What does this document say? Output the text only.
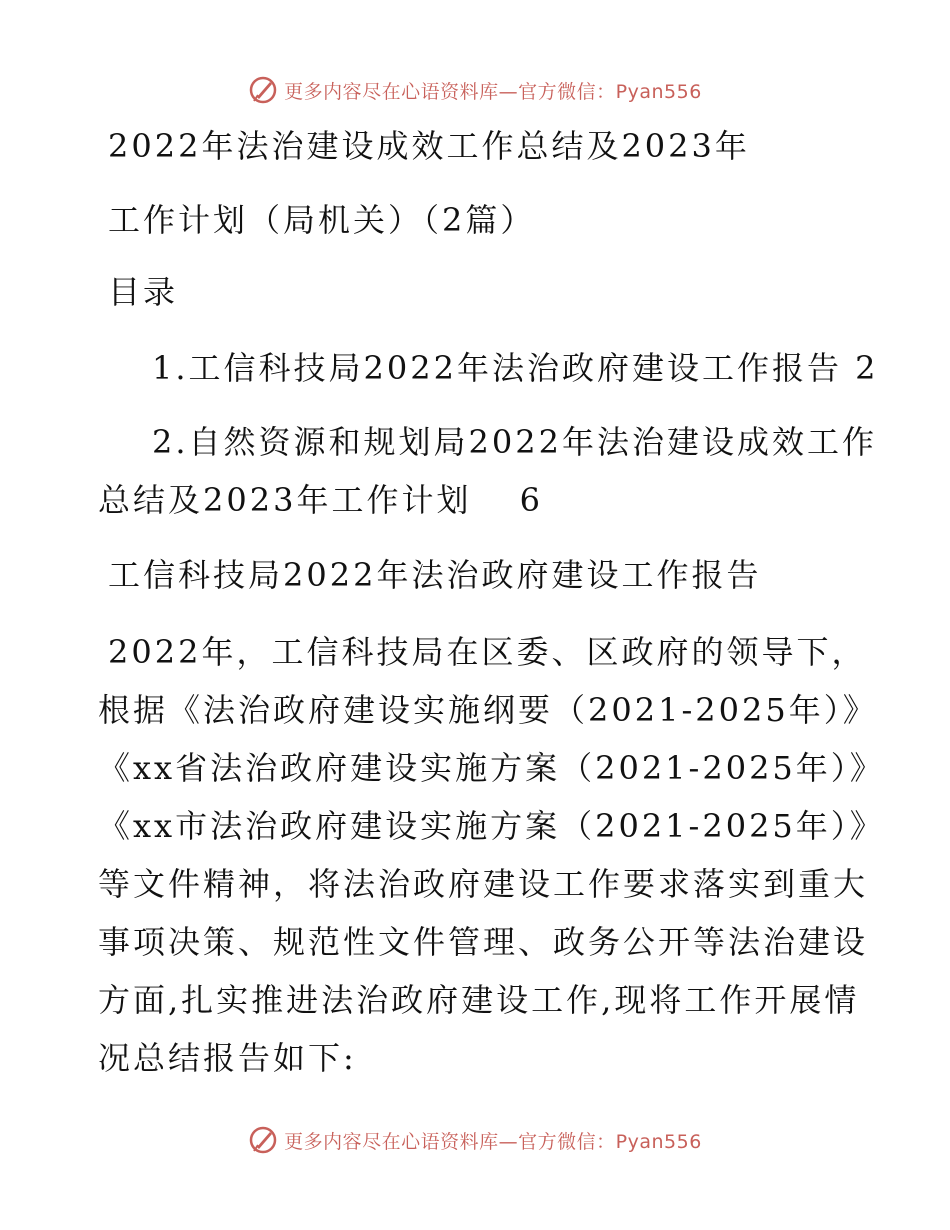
更多内容尽在心语资料库—官方微信：Pyan556
2022年法治建设成效工作总结及2023年
工作计划（局机关）（2篇）
目录
1.工信科技局2022年法治政府建设工作报告 2
2.自然资源和规划局2022年法治建设成效工作
总结及2023年工作计划　 6
工信科技局2022年法治政府建设工作报告
2022年，工信科技局在区委、区政府的领导下，
根据《法治政府建设实施纲要（2021-2025年）》
《xx省法治政府建设实施方案（2021-2025年）》
《xx市法治政府建设实施方案（2021-2025年）》
等文件精神，将法治政府建设工作要求落实到重大
事项决策、规范性文件管理、政务公开等法治建设
方面,扎实推进法治政府建设工作,现将工作开展情
况总结报告如下:
更多内容尽在心语资料库—官方微信：Pyan556
